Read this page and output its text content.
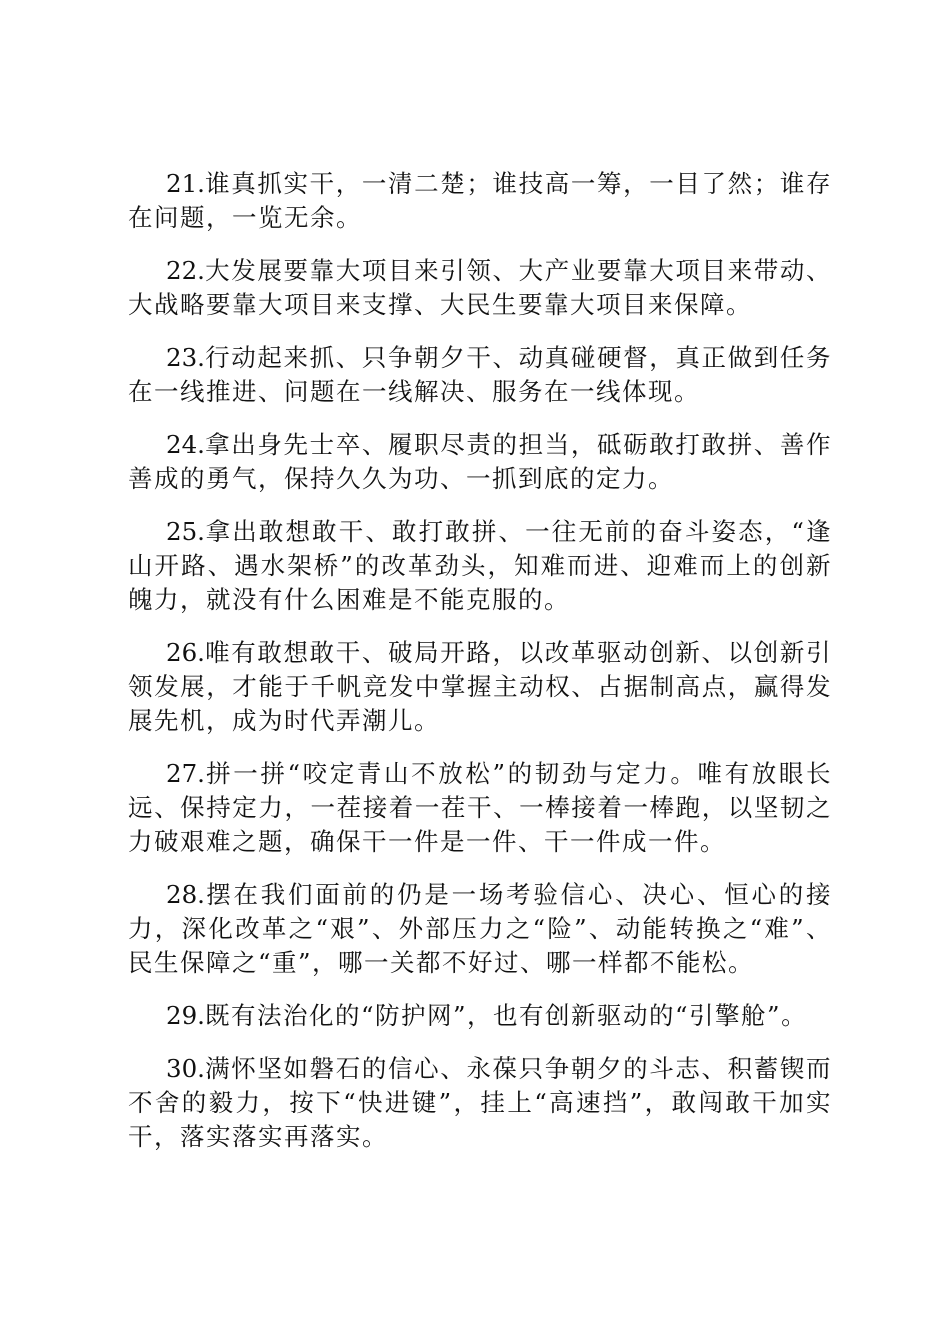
21.谁真抓实干，一清二楚；谁技高一筹，一目了然；谁存在问题，一览无余。

22.大发展要靠大项目来引领、大产业要靠大项目来带动、大战略要靠大项目来支撑、大民生要靠大项目来保障。

23.行动起来抓、只争朝夕干、动真碰硬督，真正做到任务在一线推进、问题在一线解决、服务在一线体现。

24.拿出身先士卒、履职尽责的担当，砥砺敢打敢拼、善作善成的勇气，保持久久为功、一抓到底的定力。

25.拿出敢想敢干、敢打敢拼、一往无前的奋斗姿态，“逢山开路、遇水架桥”的改革劲头，知难而进、迎难而上的创新魄力，就没有什么困难是不能克服的。

26.唯有敢想敢干、破局开路，以改革驱动创新、以创新引领发展，才能于千帆竞发中掌握主动权、占据制高点，赢得发展先机，成为时代弄潮儿。

27.拼一拼“咬定青山不放松”的韧劲与定力。唯有放眼长远、保持定力，一茬接着一茬干、一棒接着一棒跑，以坚韧之力破艰难之题，确保干一件是一件、干一件成一件。

28.摆在我们面前的仍是一场考验信心、决心、恒心的接力，深化改革之“艰”、外部压力之“险”、动能转换之“难”、民生保障之“重”，哪一关都不好过、哪一样都不能松。

29.既有法治化的“防护网”，也有创新驱动的“引擎舱”。

30.满怀坚如磐石的信心、永葆只争朝夕的斗志、积蓄锲而不舍的毅力，按下“快进键”，挂上“高速挡”，敢闯敢干加实干，落实落实再落实。
